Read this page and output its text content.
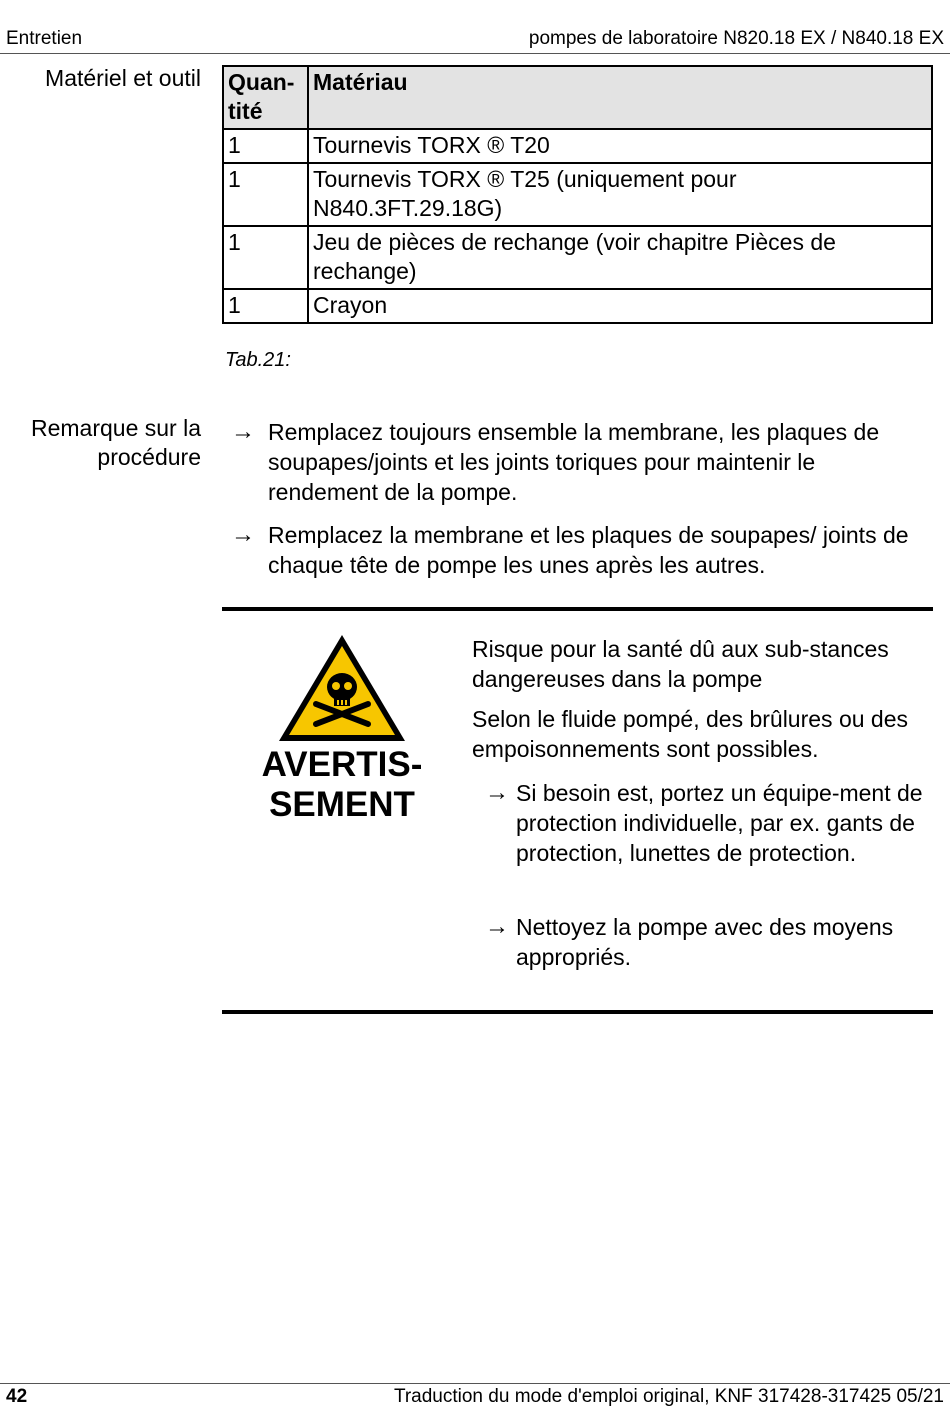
Entretien	pompes de laboratoire N820.18 EX / N840.18 EX
Matériel et outil Quan-
tité	Matériau
1	Tournevis TORX ® T20
1	Tournevis TORX ® T25 (uniquement pour N840.3FT.29.18G)
1	Jeu de pièces de rechange (voir chapitre Pièces de rechange)
1	Crayon
Tab.21:
Remarque sur la
procédure
→ Remplacez toujours ensemble la membrane, les plaques de soupapes/joints et les joints toriques pour maintenir le rendement de la pompe.
→ Remplacez la membrane et les plaques de soupapes/ joints de chaque tête de pompe les unes après les autres.
AVERTIS-
SEMENT
Risque pour la santé dû aux sub-stances dangereuses dans la pompe
Selon le fluide pompé, des brûlures ou des empoisonnements sont possibles.
→ Si besoin est, portez un équipe-ment de protection individuelle, par ex. gants de protection, lunettes de protection.
→ Nettoyez la pompe avec des moyens appropriés.
42	Traduction du mode d'emploi original, KNF 317428-317425 05/21
